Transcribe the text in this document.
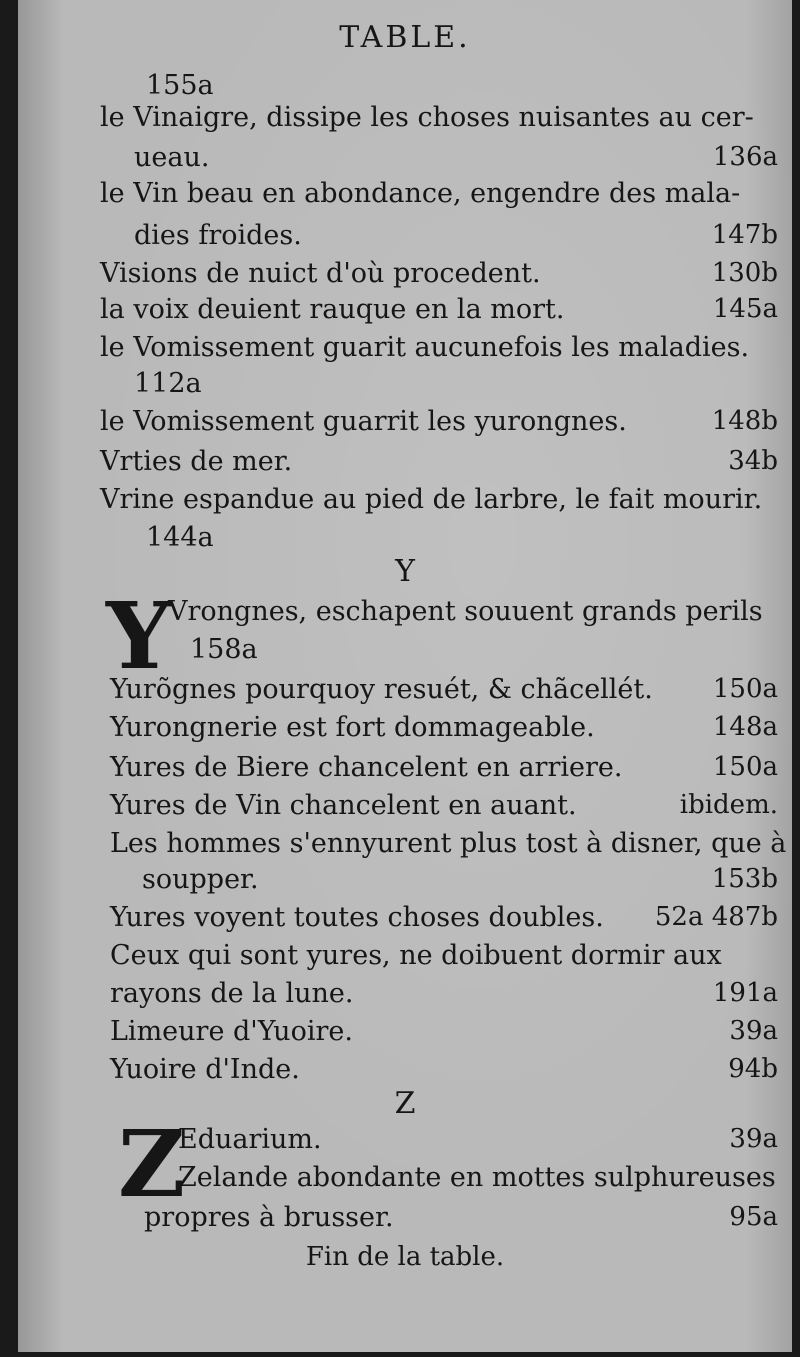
TABLE.
155a
le Vinaigre, dissipe les choses nuisantes au cer-
ueau.	136a
le Vin beau en abondance, engendre des mala-
dies froides.	147b
Visions de nuict d'où procedent.	130b
la voix deuient rauque en la mort.	145a
le Vomissement guarit aucunefois les maladies.
112a
le Vomissement guarrit les yurongnes.	148b
Vrties de mer.	34b
Vrine espandue au pied de larbre, le fait mourir.
144a
Y
Y
Vrongnes, eschapent souuent grands perils
158a
Yurõgnes pourquoy resuét, & chãcellét. 150a
Yurongnerie est fort dommageable.	148a
Yures de Biere chancelent en arriere.	150a
Yures de Vin chancelent en auant.	ibidem.
Les hommes s'ennyurent plus tost à disner, que à
soupper.	153b
Yures voyent toutes choses doubles. 52a 487b
Ceux qui sont yures, ne doibuent dormir aux
rayons de la lune.	191a
Limeure d'Yuoire.	39a
Yuoire d'Inde.	94b
Z
Z
Eduarium.	39a
Zelande abondante en mottes sulphureuses
propres à brusser.	95a
Fin de la table.
